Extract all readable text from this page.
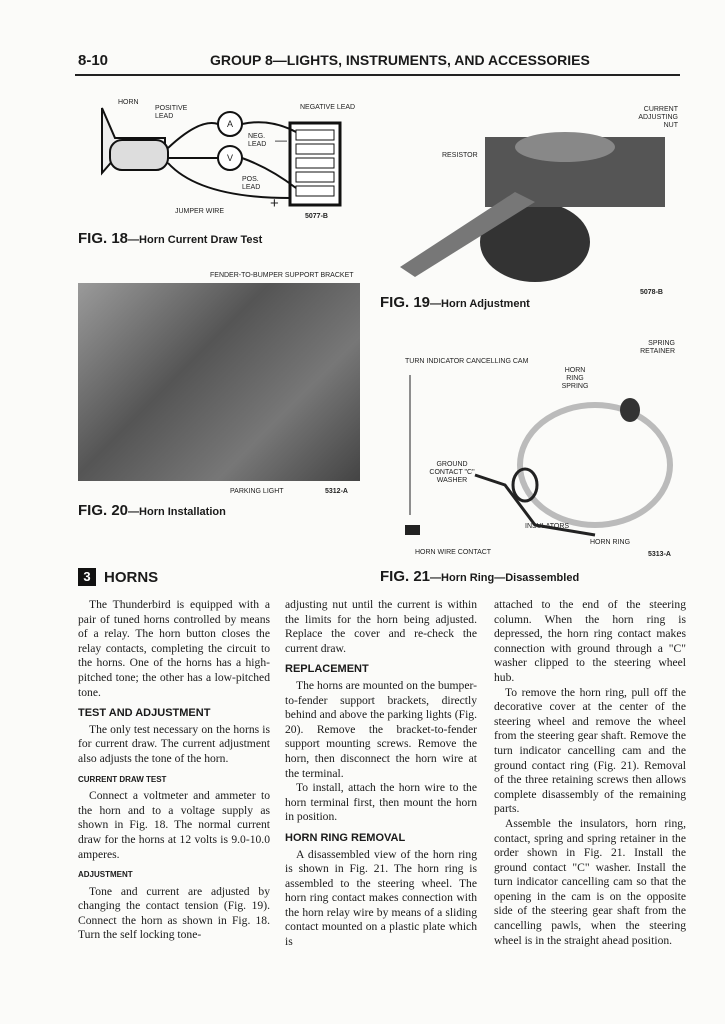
8-10	GROUP 8—LIGHTS, INSTRUMENTS, AND ACCESSORIES
HORN
POSITIVE LEAD
NEGATIVE LEAD
A
V
NEG. LEAD —
POS. LEAD
JUMPER WIRE	+
5077-B
FIG. 18—Horn Current Draw Test
RESISTOR
CURRENT ADJUSTING NUT
5078-B
FIG. 19—Horn Adjustment
FENDER-TO-BUMPER SUPPORT BRACKET
PARKING LIGHT	5312-A
FIG. 20—Horn Installation
TURN INDICATOR CANCELLING CAM
HORN RING SPRING
SPRING RETAINER
GROUND CONTACT "C" WASHER
INSULATORS
HORN RING
HORN WIRE CONTACT	5313-A
FIG. 21—Horn Ring—Disassembled
3 HORNS

The Thunderbird is equipped with a pair of tuned horns controlled by means of a relay. The horn button closes the relay contacts, completing the circuit to the horns. One of the horns has a high-pitched tone; the other has a low-pitched tone.

TEST AND ADJUSTMENT

The only test necessary on the horns is for current draw. The current adjustment also adjusts the tone of the horn.

CURRENT DRAW TEST

Connect a voltmeter and ammeter to the horn and to a voltage supply as shown in Fig. 18. The normal current draw for the horns at 12 volts is 9.0-10.0 amperes.

ADJUSTMENT

Tone and current are adjusted by changing the contact tension (Fig. 19). Connect the horn as shown in Fig. 18. Turn the self locking tone-

adjusting nut until the current is within the limits for the horn being adjusted. Replace the cover and re-check the current draw.

REPLACEMENT

The horns are mounted on the bumper-to-fender support brackets, directly behind and above the parking lights (Fig. 20). Remove the bracket-to-fender support mounting screws. Remove the horn, then disconnect the horn wire at the terminal.

To install, attach the horn wire to the horn terminal first, then mount the horn in position.

HORN RING REMOVAL

A disassembled view of the horn ring is shown in Fig. 21. The horn ring is assembled to the steering wheel. The horn ring contact makes connection with the horn relay wire by means of a sliding contact mounted on a plastic plate which is

attached to the end of the steering column. When the horn ring is depressed, the horn ring contact makes connection with ground through a "C" washer clipped to the steering wheel hub.

To remove the horn ring, pull off the decorative cover at the center of the steering wheel and remove the wheel from the steering gear shaft. Remove the turn indicator cancelling cam and the ground contact ring (Fig. 21). Removal of the three retaining screws then allows complete disassembly of the remaining parts.

Assemble the insulators, horn ring, contact, spring and spring retainer in the order shown in Fig. 21. Install the ground contact "C" washer. Install the turn indicator cancelling cam so that the opening in the cam is on the opposite side of the steering gear shaft from the cancelling pawls, when the steering wheel is in the straight ahead position.
